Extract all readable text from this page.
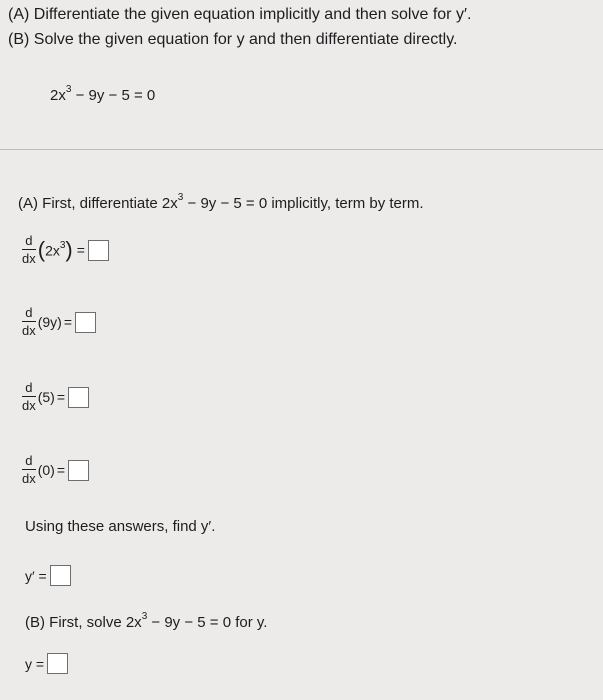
(A) Differentiate the given equation implicitly and then solve for y′.
(B) Solve the given equation for y and then differentiate directly.
$2x^3 - 9y - 5 = 0$
(A) First, differentiate $2x^3 - 9y - 5 = 0$ implicitly, term by term.
$\frac{d}{dx}$ ( $2x^3$ ) =
$\frac{d}{dx} (9y)$ =
$\frac{d}{dx} (5)$ =
$\frac{d}{dx} (0)$ =
Using these answers, find y′.
y′ =
(B) First, solve $2x^3 - 9y - 5 = 0$ for y.
y =
